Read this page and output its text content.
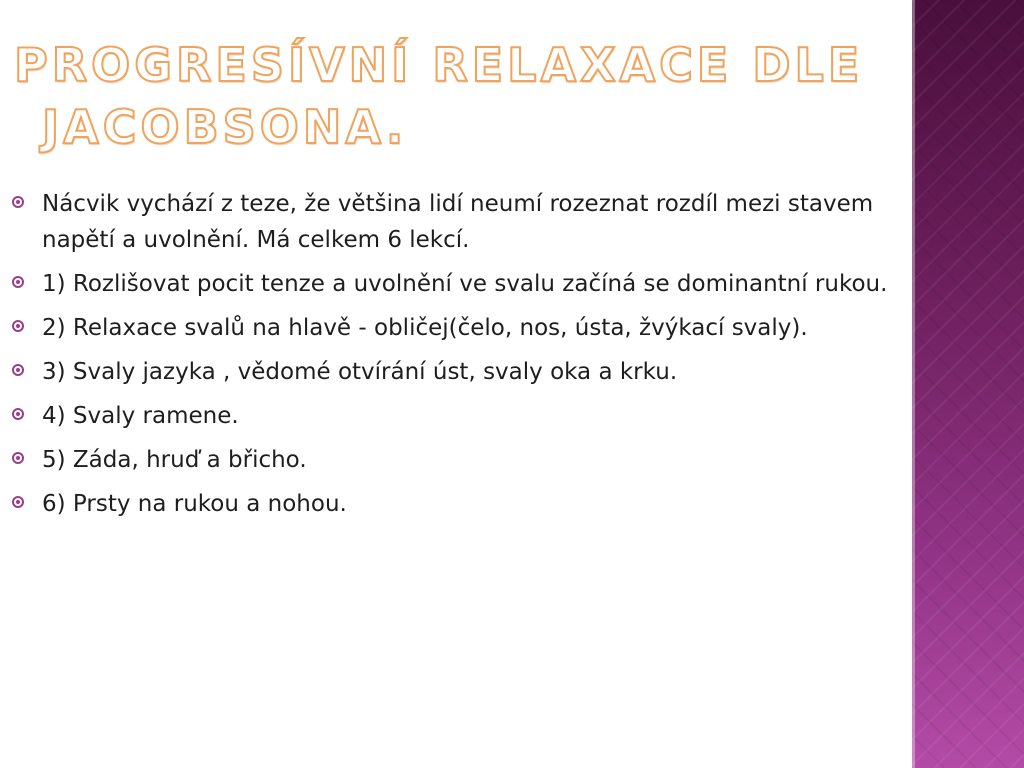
PROGRESÍVNÍ RELAXACE DLE
JACOBSONA.
Nácvik vychází z teze, že většina lidí neumí rozeznat rozdíl mezi stavem napětí a uvolnění. Má celkem 6 lekcí.
1) Rozlišovat pocit tenze a uvolnění ve svalu začíná se dominantní rukou.
2) Relaxace svalů na hlavě - obličej(čelo, nos, ústa, žvýkací svaly).
3) Svaly jazyka , vědomé otvírání úst, svaly oka a krku.
4) Svaly ramene.
5) Záda, hruď a břicho.
6) Prsty na rukou a nohou.
